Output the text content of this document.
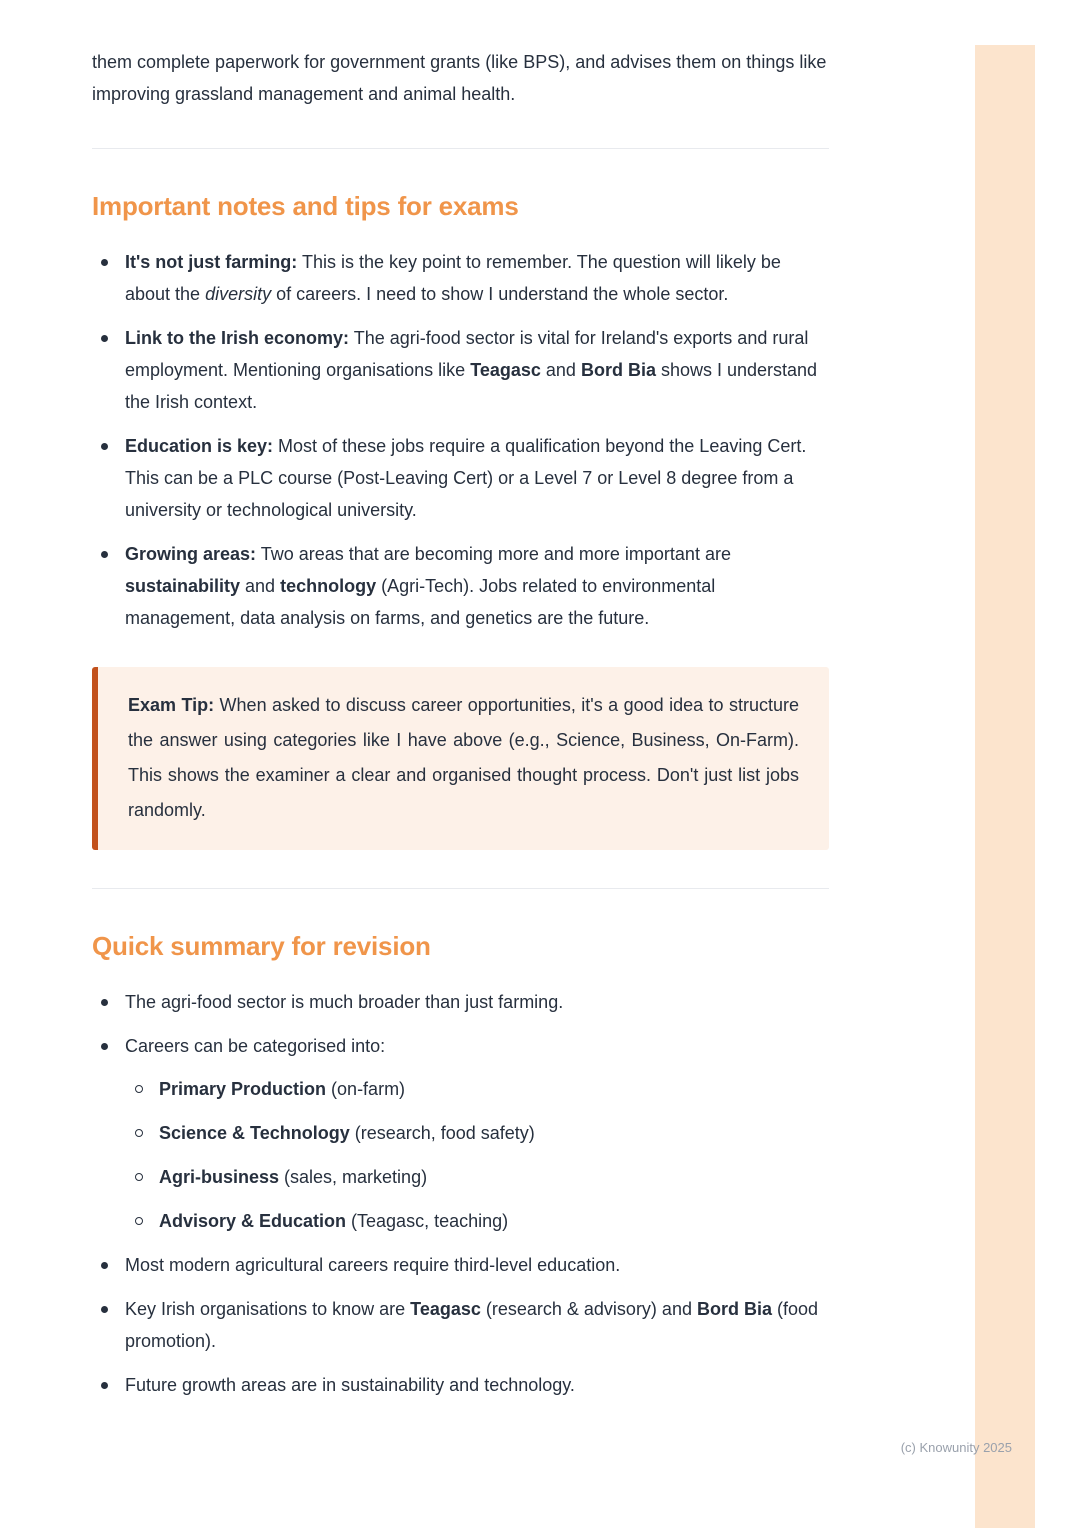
them complete paperwork for government grants (like BPS), and advises them on things like improving grassland management and animal health.

Important notes and tips for exams
It's not just farming: This is the key point to remember. The question will likely be about the diversity of careers. I need to show I understand the whole sector.
Link to the Irish economy: The agri-food sector is vital for Ireland's exports and rural employment. Mentioning organisations like Teagasc and Bord Bia shows I understand the Irish context.
Education is key: Most of these jobs require a qualification beyond the Leaving Cert. This can be a PLC course (Post-Leaving Cert) or a Level 7 or Level 8 degree from a university or technological university.
Growing areas: Two areas that are becoming more and more important are sustainability and technology (Agri-Tech). Jobs related to environmental management, data analysis on farms, and genetics are the future.

Exam Tip: When asked to discuss career opportunities, it's a good idea to structure the answer using categories like I have above (e.g., Science, Business, On-Farm). This shows the examiner a clear and organised thought process. Don't just list jobs randomly.

Quick summary for revision
The agri-food sector is much broader than just farming.
Careers can be categorised into:
Primary Production (on-farm)
Science & Technology (research, food safety)
Agri-business (sales, marketing)
Advisory & Education (Teagasc, teaching)
Most modern agricultural careers require third-level education.
Key Irish organisations to know are Teagasc (research & advisory) and Bord Bia (food promotion).
Future growth areas are in sustainability and technology.
(c) Knowunity 2025
